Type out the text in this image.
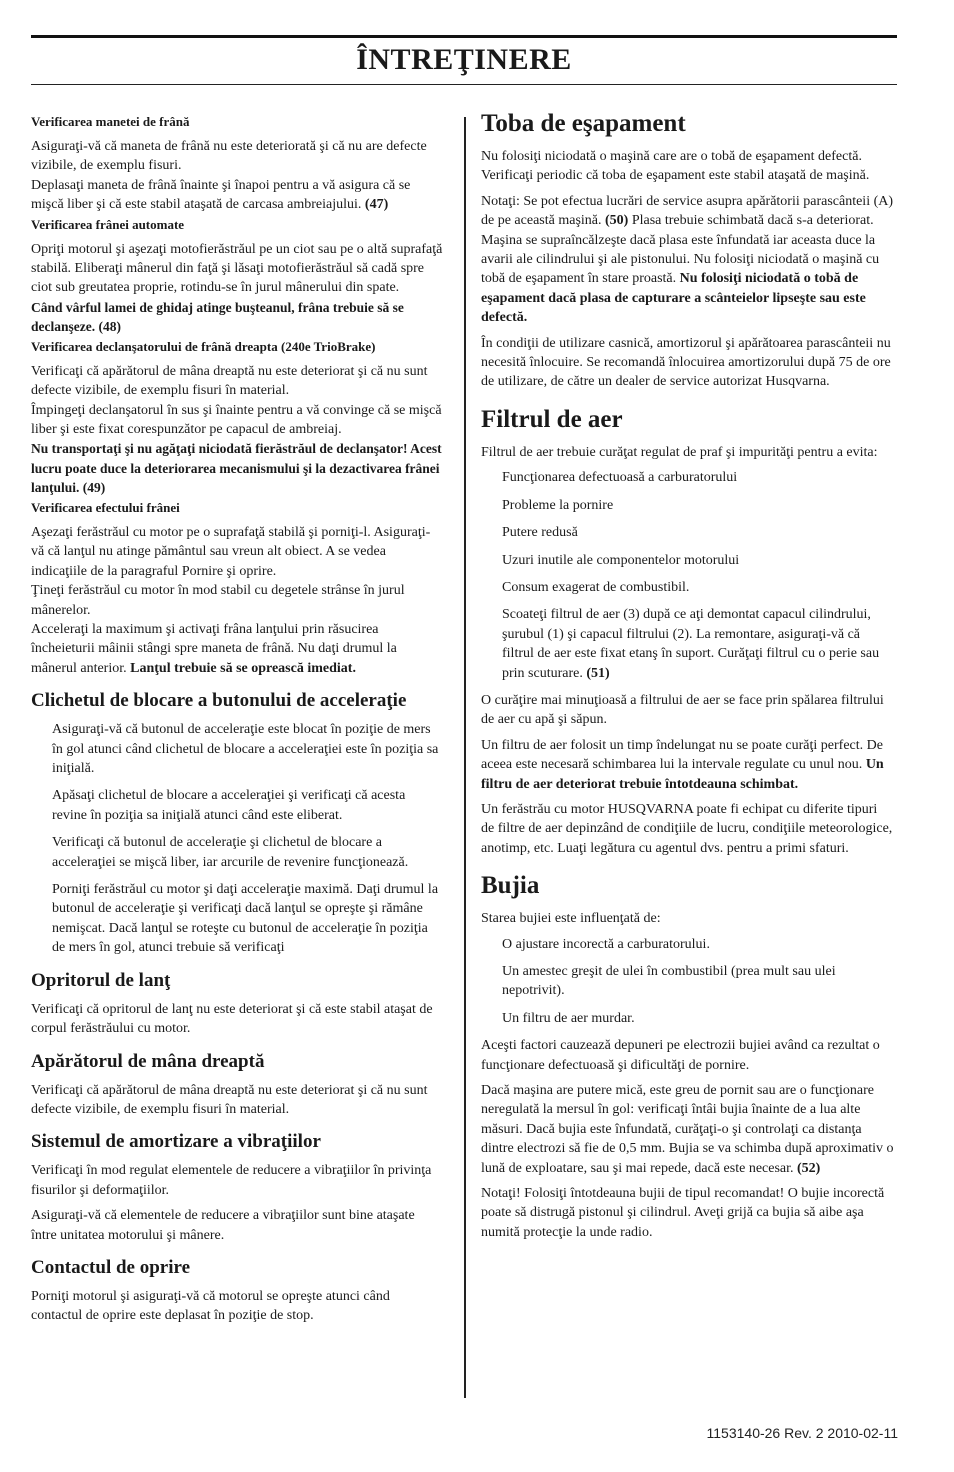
ÎNTREŢINERE
Verificarea manetei de frână

Asiguraţi-vă că maneta de frână nu este deteriorată şi că nu are defecte vizibile, de exemplu fisuri.

Deplasaţi maneta de frână înainte şi înapoi pentru a vă asigura că se mişcă liber şi că este stabil ataşată de carcasa ambreiajului. (47)

Verificarea frânei automate

Opriţi motorul şi aşezaţi motofierăstrăul pe un ciot sau pe o altă suprafaţă stabilă. Eliberaţi mânerul din faţă şi lăsaţi motofierăstrăul să cadă spre ciot sub greutatea proprie, rotindu-se în jurul mânerului din spate.

Când vârful lamei de ghidaj atinge buşteanul, frâna trebuie să se declanşeze. (48)
Verificarea declanşatorului de frână dreapta (240e TrioBrake)

Verificaţi că apărătorul de mâna dreaptă nu este deteriorat şi că nu sunt defecte vizibile, de exemplu fisuri în material.

Împingeţi declanşatorul în sus şi înainte pentru a vă convinge că se mişcă liber şi este fixat corespunzător pe capacul de ambreiaj.

Nu transportaţi şi nu agăţaţi niciodată fierăstrăul de declanşator! Acest lucru poate duce la deteriorarea mecanismului şi la dezactivarea frânei lanţului. (49)
Verificarea efectului frânei

Aşezaţi ferăstrăul cu motor pe o suprafaţă stabilă şi porniţi-l. Asiguraţi-vă că lanţul nu atinge pământul sau vreun alt obiect. A se vedea indicaţiile de la paragraful Pornire şi oprire.

Ţineţi ferăstrăul cu motor în mod stabil cu degetele strânse în jurul mânerelor.

Acceleraţi la maximum şi activaţi frâna lanţului prin răsucirea încheieturii mâinii stângi spre maneta de frână. Nu daţi drumul la mânerul anterior. Lanţul trebuie să se oprească imediat.

Clichetul de blocare a butonului de acceleraţie

Asiguraţi-vă că butonul de acceleraţie este blocat în poziţie de mers în gol atunci când clichetul de blocare a acceleraţiei este în poziţia sa iniţială.

Apăsaţi clichetul de blocare a acceleraţiei şi verificaţi că acesta revine în poziţia sa iniţială atunci când este eliberat.

Verificaţi că butonul de acceleraţie şi clichetul de blocare a acceleraţiei se mişcă liber, iar arcurile de revenire funcţionează.

Porniţi ferăstrăul cu motor şi daţi acceleraţie maximă. Daţi drumul la butonul de acceleraţie şi verificaţi dacă lanţul se opreşte şi rămâne nemişcat. Dacă lanţul se roteşte cu butonul de acceleraţie în poziţia de mers în gol, atunci trebuie să verificaţi

Opritorul de lanţ

Verificaţi că opritorul de lanţ nu este deteriorat şi că este stabil ataşat de corpul ferăstrăului cu motor.

Apărătorul de mâna dreaptă

Verificaţi că apărătorul de mâna dreaptă nu este deteriorat şi că nu sunt defecte vizibile, de exemplu fisuri în material.

Sistemul de amortizare a vibraţiilor

Verificaţi în mod regulat elementele de reducere a vibraţiilor în privinţa fisurilor şi deformaţiilor.

Asiguraţi-vă că elementele de reducere a vibraţiilor sunt bine ataşate între unitatea motorului şi mânere.

Contactul de oprire

Porniţi motorul şi asiguraţi-vă că motorul se opreşte atunci când contactul de oprire este deplasat în poziţie de stop.

Toba de eşapament

Nu folosiţi niciodată o maşină care are o tobă de eşapament defectă. Verificaţi periodic că toba de eşapament este stabil ataşată de maşină.

Notaţi: Se pot efectua lucrări de service asupra apărătorii parascânteii (A) de pe această maşină. (50) Plasa trebuie schimbată dacă s-a deteriorat. Maşina se supraîncălzeşte dacă plasa este înfundată iar aceasta duce la avarii ale cilindrului şi ale pistonului. Nu folosiţi niciodată o maşină cu tobă de eşapament în stare proastă. Nu folosiţi niciodată o tobă de eşapament dacă plasa de capturare a scânteielor lipseşte sau este defectă.

În condiţii de utilizare casnică, amortizorul şi apărătoarea parascânteii nu necesită înlocuire. Se recomandă înlocuirea amortizorului după 75 de ore de utilizare, de către un dealer de service autorizat Husqvarna.

Filtrul de aer

Filtrul de aer trebuie curăţat regulat de praf şi impurităţi pentru a evita:

Funcţionarea defectuoasă a carburatorului

Probleme la pornire

Putere redusă

Uzuri inutile ale componentelor motorului

Consum exagerat de combustibil.

Scoateţi filtrul de aer (3) după ce aţi demontat capacul cilindrului, şurubul (1) şi capacul filtrului (2). La remontare, asiguraţi-vă că filtrul de aer este fixat etanş în suport. Curăţaţi filtrul cu o perie sau prin scuturare. (51)

O curăţire mai minuţioasă a filtrului de aer se face prin spălarea filtrului de aer cu apă şi săpun.

Un filtru de aer folosit un timp îndelungat nu se poate curăţi perfect. De aceea este necesară schimbarea lui la intervale regulate cu unul nou. Un filtru de aer deteriorat trebuie întotdeauna schimbat.

Un ferăstrău cu motor HUSQVARNA poate fi echipat cu diferite tipuri de filtre de aer depinzând de condiţiile de lucru, condiţiile meteorologice, anotimp, etc. Luaţi legătura cu agentul dvs. pentru a primi sfaturi.

Bujia

Starea bujiei este influenţată de:

O ajustare incorectă a carburatorului.

Un amestec greşit de ulei în combustibil (prea mult sau ulei nepotrivit).

Un filtru de aer murdar.

Aceşti factori cauzează depuneri pe electrozii bujiei având ca rezultat o funcţionare defectuoasă şi dificultăţi de pornire.

Dacă maşina are putere mică, este greu de pornit sau are o funcţionare neregulată la mersul în gol: verificaţi întâi bujia înainte de a lua alte măsuri. Dacă bujia este înfundată, curăţaţi-o şi controlaţi ca distanţa dintre electrozi să fie de 0,5 mm. Bujia se va schimba după aproximativ o lună de exploatare, sau şi mai repede, dacă este necesar. (52)

Notaţi! Folosiţi întotdeauna bujii de tipul recomandat! O bujie incorectă poate să distrugă pistonul şi cilindrul. Aveţi grijă ca bujia să aibe aşa numită protecţie la unde radio.

1153140-26 Rev. 2 2010-02-11
